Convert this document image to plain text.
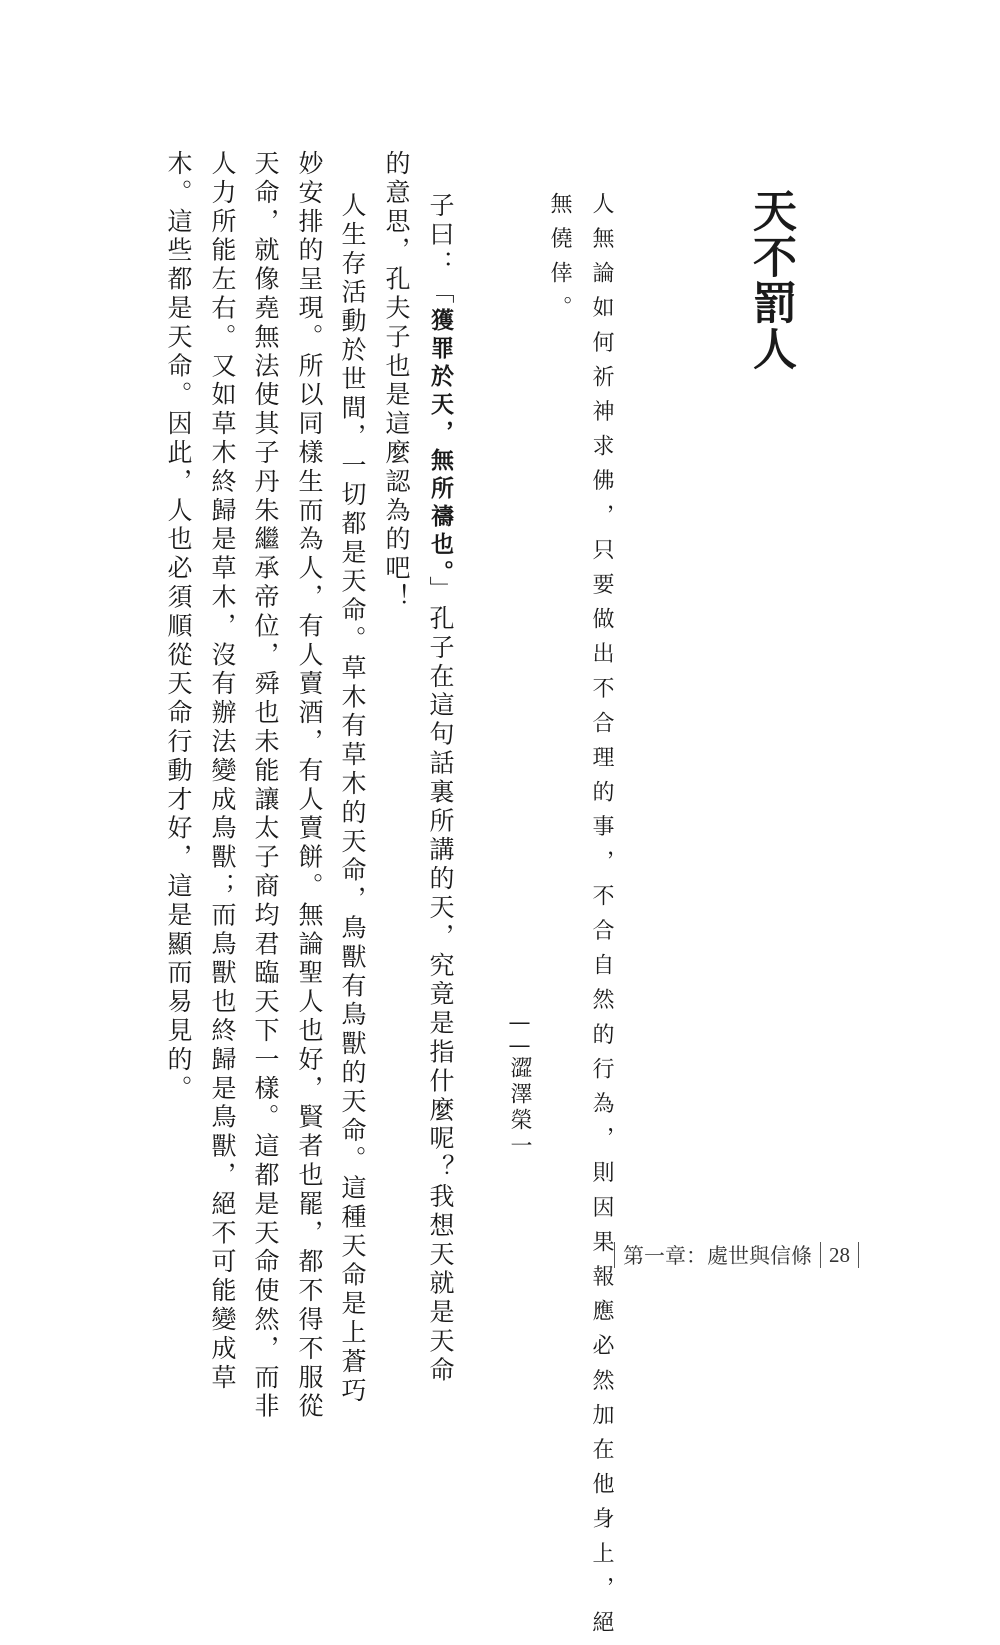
天不罰人

人無論如何祈神求佛，只要做出不合理的事，不合自然的行為，則因果報應必然加在他身上，絕

無僥倖。

——澀澤榮一

子曰：「獲罪於天，無所禱也。」孔子在這句話裏所講的天，究竟是指什麼呢？我想天就是天命

的意思，孔夫子也是這麼認為的吧！

人生存活動於世間，一切都是天命。草木有草木的天命，鳥獸有鳥獸的天命。這種天命是上蒼巧

妙安排的呈現。所以同樣生而為人，有人賣酒，有人賣餅。無論聖人也好，賢者也罷，都不得不服從

天命，就像堯無法使其子丹朱繼承帝位，舜也未能讓太子商均君臨天下一樣。這都是天命使然，而非

人力所能左右。又如草木終歸是草木，沒有辦法變成鳥獸；而鳥獸也終歸是鳥獸，絕不可能變成草

木。這些都是天命。因此，人也必須順從天命行動才好，這是顯而易見的。

第一章：處世與信條 28
